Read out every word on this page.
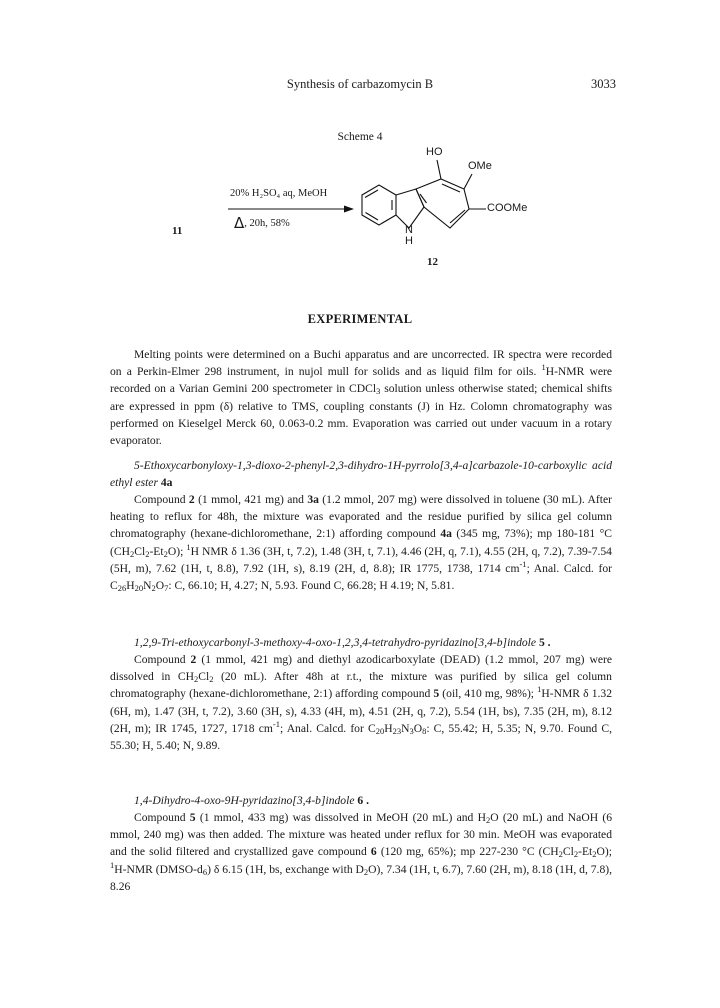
Synthesis of carbazomycin B	3033
Scheme 4
11
20% H₂SO₄ aq, MeOH
Δ, 20h, 58%
HO
OMe
COOMe
N
H
12
EXPERIMENTAL

Melting points were determined on a Buchi apparatus and are uncorrected. IR spectra were recorded on a Perkin-Elmer 298 instrument, in nujol mull for solids and as liquid film for oils. $^1$H-NMR were recorded on a Varian Gemini 200 spectrometer in CDCl$_3$ solution unless otherwise stated; chemical shifts are expressed in ppm (δ) relative to TMS, coupling constants (J) in Hz. Colomn chromatography was performed on Kieselgel Merck 60, 0.063-0.2 mm. Evaporation was carried out under vacuum in a rotary evaporator.

5-Ethoxycarbonyloxy-1,3-dioxo-2-phenyl-2,3-dihydro-1H-pyrrolo[3,4-a]carbazole-10-carboxylic acid ethyl ester 4a

Compound 2 (1 mmol, 421 mg) and 3a (1.2 mmol, 207 mg) were dissolved in toluene (30 mL). After heating to reflux for 48h, the mixture was evaporated and the residue purified by silica gel column chromatography (hexane-dichloromethane, 2:1) affording compound 4a (345 mg, 73%); mp 180-181 °C $(CH_2Cl_2-Et_2O)$; $^1$H NMR δ 1.36 (3H, t, 7.2), 1.48 (3H, t, 7.1), 4.46 (2H, q, 7.1), 4.55 (2H, q, 7.2), 7.39-7.54 (5H, m), 7.62 (1H, t, 8.8), 7.92 (1H, s), 8.19 (2H, d, 8.8); IR 1775, 1738, 1714 $cm^{-1}$; Anal. Calcd. for $C_{26}H_{20}N_2O_7$: C, 66.10; H, 4.27; N, 5.93. Found C, 66.28; H 4.19; N, 5.81.

1,2,9-Tri-ethoxycarbonyl-3-methoxy-4-oxo-1,2,3,4-tetrahydro-pyridazino[3,4-b]indole 5 .

Compound 2 (1 mmol, 421 mg) and diethyl azodicarboxylate (DEAD) (1.2 mmol, 207 mg) were dissolved in $CH_2Cl_2$ (20 mL). After 48h at r.t., the mixture was purified by silica gel column chromatography (hexane-dichloromethane, 2:1) affording compound 5 (oil, 410 mg, 98%); $^1$H-NMR δ 1.32 (6H, m), 1.47 (3H, t, 7.2), 3.60 (3H, s), 4.33 (4H, m), 4.51 (2H, q, 7.2), 5.54 (1H, bs), 7.35 (2H, m), 8.12 (2H, m); IR 1745, 1727, 1718 $cm^{-1}$; Anal. Calcd. for $C_{20}H_{23}N_3O_8$: C, 55.42; H, 5.35; N, 9.70. Found C, 55.30; H, 5.40; N, 9.89.

1,4-Dihydro-4-oxo-9H-pyridazino[3,4-b]indole 6 .

Compound 5 (1 mmol, 433 mg) was dissolved in MeOH (20 mL) and $H_2O$ (20 mL) and NaOH (6 mmol, 240 mg) was then added. The mixture was heated under reflux for 30 min. MeOH was evaporated and the solid filtered and crystallized gave compound 6 (120 mg, 65%); mp 227-230 °C $(CH_2Cl_2-Et_2O)$; $^1$H-NMR $(DMSO-d_6)$ δ 6.15 (1H, bs, exchange with $D_2O$), 7.34 (1H, t, 6.7), 7.60 (2H, m), 8.18 (1H, d, 7.8), 8.26
